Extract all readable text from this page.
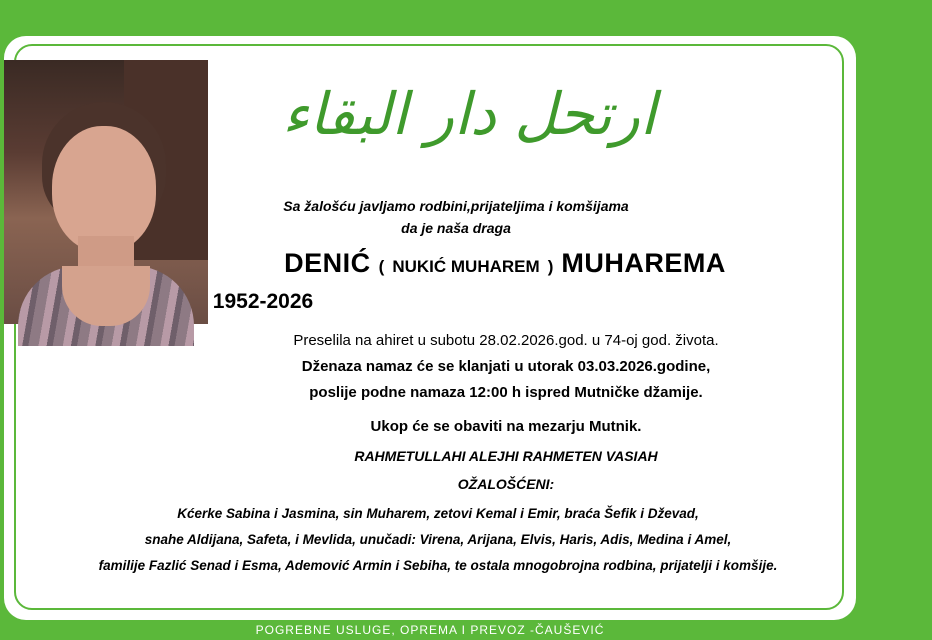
ارتحل دار البقاء
Sa žalošću javljamo rodbini,prijateljima i komšijama
da je naša draga
DENIĆ ( NUKIĆ MUHAREM ) MUHAREMA
1952-2026
Preselila na ahiret u subotu 28.02.2026.god. u 74-oj god. života.
Dženaza namaz će se klanjati u utorak 03.03.2026.godine,
poslije podne namaza 12:00 h ispred Mutničke džamije.
Ukop će se obaviti na mezarju Mutnik.
RAHMETULLAHI ALEJHI RAHMETEN VASIAH
OŽALOŠĆENI:
Kćerke Sabina i Jasmina, sin Muharem, zetovi Kemal i Emir, braća Šefik i Dževad,
snahe Aldijana, Safeta, i Mevlida, unučadi: Virena, Arijana, Elvis, Haris, Adis, Medina i Amel,
familije Fazlić Senad i Esma, Ademović Armin i Sebiha, te ostala mnogobrojna rodbina, prijatelji i komšije.
POGREBNE USLUGE, OPREMA I PREVOZ -ČAUŠEVIĆ
